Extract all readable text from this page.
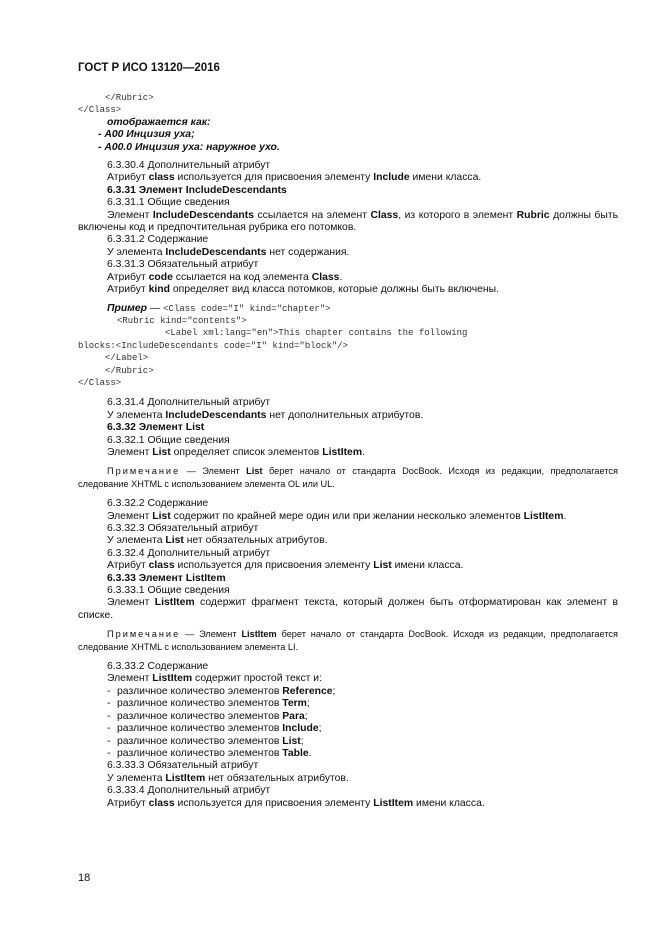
ГОСТ Р ИСО 13120—2016
</Rubric>
</Class>

отображается как:

- А00 Инцизия уха;

- А00.0 Инцизия уха: наружное ухо.

6.3.30.4 Дополнительный атрибут

Атрибут class используется для присвоения элементу Include имени класса.

6.3.31 Элемент IncludeDescendants

6.3.31.1 Общие сведения

Элемент IncludeDescendants ссылается на элемент Class, из которого в элемент Rubric должны быть включены код и предпочтительная рубрика его потомков.

6.3.31.2 Содержание

У элемента IncludeDescendants нет содержания.

6.3.31.3 Обязательный атрибут

Атрибут code ссылается на код элемента Class.

Атрибут kind определяет вид класса потомков, которые должны быть включены.

Пример — <Class code="I" kind="chapter">

<Rubric kind="contents">
<Label xml:lang="en">This chapter contains the following
blocks:<IncludeDescendants code="I" kind="block"/>
</Label>
</Rubric>
</Class>

6.3.31.4 Дополнительный атрибут

У элемента IncludeDescendants нет дополнительных атрибутов.

6.3.32 Элемент List

6.3.32.1 Общие сведения

Элемент List определяет список элементов ListItem.

Примечание — Элемент List берет начало от стандарта DocBook. Исходя из редакции, предполагается следование XHTML с использованием элемента OL или UL.

6.3.32.2 Содержание

Элемент List содержит по крайней мере один или при желании несколько элементов ListItem.

6.3.32.3 Обязательный атрибут

У элемента List нет обязательных атрибутов.

6.3.32.4 Дополнительный атрибут

Атрибут class используется для присвоения элементу List имени класса.

6.3.33 Элемент ListItem

6.3.33.1 Общие сведения

Элемент ListItem содержит фрагмент текста, который должен быть отформатирован как элемент в списке.

Примечание — Элемент ListItem берет начало от стандарта DocBook. Исходя из редакции, предполагается следование XHTML с использованием элемента LI.

6.3.33.2 Содержание

Элемент ListItem содержит простой текст и:

- различное количество элементов Reference;

- различное количество элементов Term;

- различное количество элементов Para;

- различное количество элементов Include;

- различное количество элементов List;

- различное количество элементов Table.

6.3.33.3 Обязательный атрибут

У элемента ListItem нет обязательных атрибутов.

6.3.33.4 Дополнительный атрибут

Атрибут class используется для присвоения элементу ListItem имени класса.

18
